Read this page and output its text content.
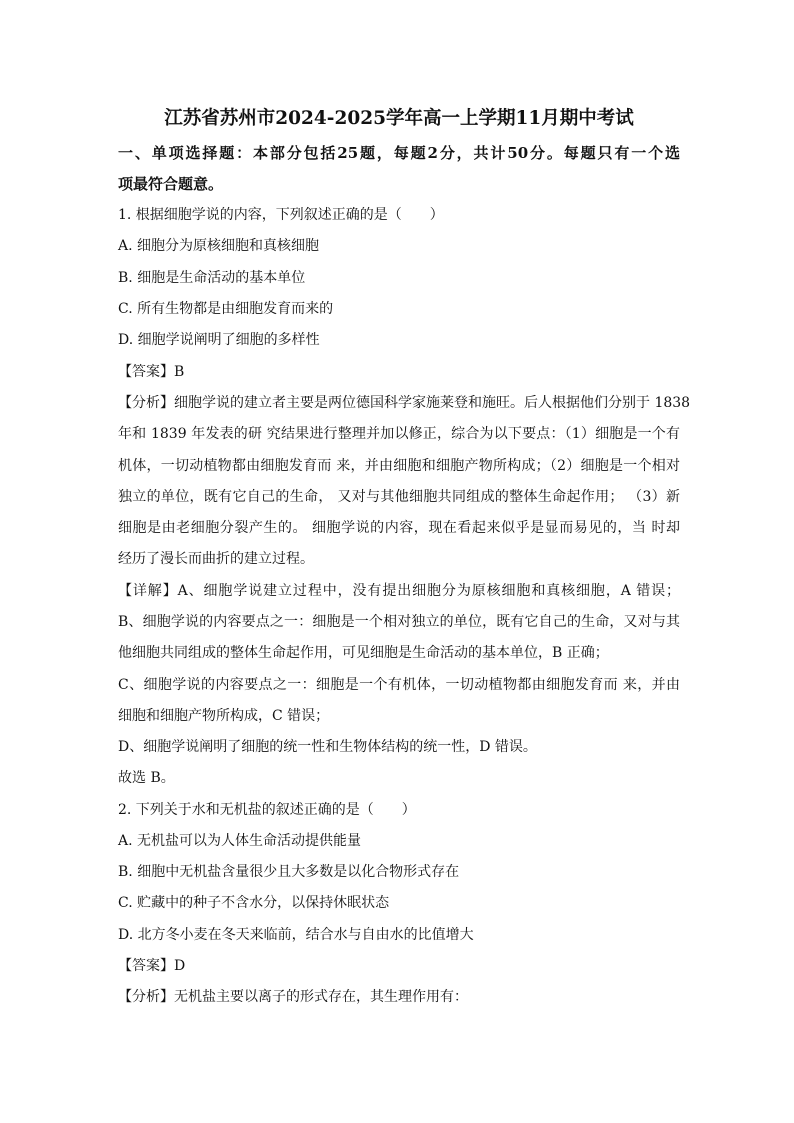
江苏省苏州市2024-2025学年高一上学期11月期中考试
一、单项选择题：本部分包括25题，每题2分，共计50分。每题只有一个选
项最符合题意。
1. 根据细胞学说的内容，下列叙述正确的是（　　）
A. 细胞分为原核细胞和真核细胞
B. 细胞是生命活动的基本单位
C. 所有生物都是由细胞发育而来的
D. 细胞学说阐明了细胞的多样性
【答案】B
【分析】细胞学说的建立者主要是两位德国科学家施莱登和施旺。后人根据他们分别于 1838
年和 1839 年发表的研 究结果进行整理并加以修正，综合为以下要点：（1）细胞是一个有
机体，一切动植物都由细胞发育而 来，并由细胞和细胞产物所构成；（2）细胞是一个相对
独立的单位，既有它自己的生命， 又对与其他细胞共同组成的整体生命起作用； （3）新
细胞是由老细胞分裂产生的。 细胞学说的内容，现在看起来似乎是显而易见的，当 时却
经历了漫长而曲折的建立过程。
【详解】A、细胞学说建立过程中，没有提出细胞分为原核细胞和真核细胞，A 错误；
B、细胞学说的内容要点之一：细胞是一个相对独立的单位，既有它自己的生命，又对与其
他细胞共同组成的整体生命起作用，可见细胞是生命活动的基本单位，B 正确；
C、细胞学说的内容要点之一：细胞是一个有机体，一切动植物都由细胞发育而 来，并由
细胞和细胞产物所构成，C 错误；
D、细胞学说阐明了细胞的统一性和生物体结构的统一性，D 错误。
故选 B。
2. 下列关于水和无机盐的叙述正确的是（　　）
A. 无机盐可以为人体生命活动提供能量
B. 细胞中无机盐含量很少且大多数是以化合物形式存在
C. 贮藏中的种子不含水分，以保持休眠状态
D. 北方冬小麦在冬天来临前，结合水与自由水的比值增大
【答案】D
【分析】无机盐主要以离子的形式存在，其生理作用有：
